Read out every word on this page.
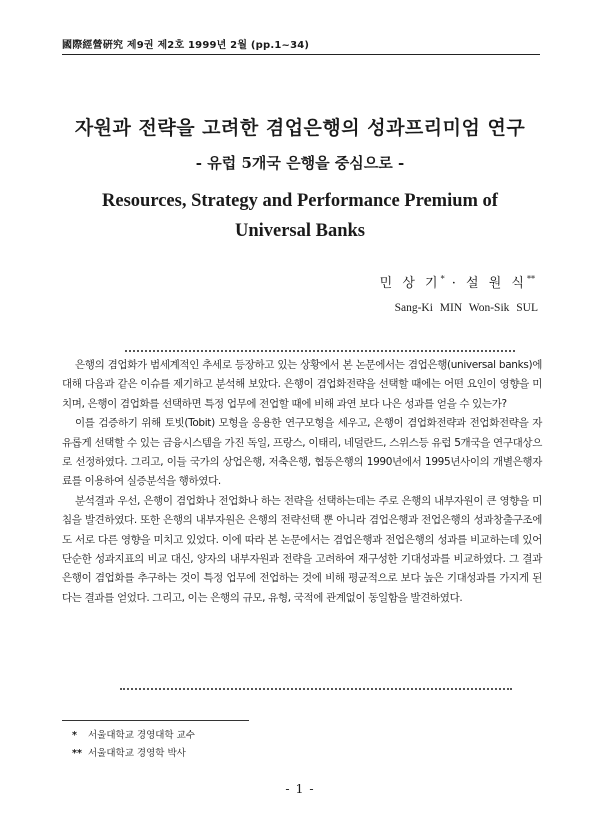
國際經營硏究 제9권 제2호 1999년 2월 (pp.1~34)
자원과 전략을 고려한 겸업은행의 성과프리미엄 연구
- 유럽 5개국 은행을 중심으로 -
Resources, Strategy and Performance Premium of
Universal Banks
민 상 기* · 설 원 식**
Sang-Ki MIN Won-Sik SUL

은행의 겸업화가 범세계적인 추세로 등장하고 있는 상황에서 본 논문에서는 겸업은행(universal banks)에 대해 다음과 같은 이슈를 제기하고 분석해 보았다. 은행이 겸업화전략을 선택할 때에는 어떤 요인이 영향을 미치며, 은행이 겸업화를 선택하면 특정 업무에 전업할 때에 비해 과연 보다 나은 성과를 얻을 수 있는가?

이를 검증하기 위해 토빗(Tobit) 모형을 응용한 연구모형을 세우고, 은행이 겸업화전략과 전업화전략을 자유롭게 선택할 수 있는 금융시스템을 가진 독일, 프랑스, 이태리, 네덜란드, 스위스등 유럽 5개국을 연구대상으로 선정하였다. 그리고, 이들 국가의 상업은행, 저축은행, 협동은행의 1990년에서 1995년사이의 개별은행자료를 이용하여 실증분석을 행하였다.

분석결과 우선, 은행이 겸업화나 전업화나 하는 전략을 선택하는데는 주로 은행의 내부자원이 큰 영향을 미침을 발견하였다. 또한 은행의 내부자원은 은행의 전략선택 뿐 아니라 겸업은행과 전업은행의 성과창출구조에도 서로 다른 영향을 미치고 있었다. 이에 따라 본 논문에서는 겸업은행과 전업은행의 성과를 비교하는데 있어 단순한 성과지표의 비교 대신, 양자의 내부자원과 전략을 고려하여 재구성한 기대성과를 비교하였다. 그 결과 은행이 겸업화를 추구하는 것이 특정 업무에 전업하는 것에 비해 평균적으로 보다 높은 기대성과를 가지게 된다는 결과를 얻었다. 그리고, 이는 은행의 규모, 유형, 국적에 관계없이 동일함을 발견하였다.

* 서울대학교 경영대학 교수
** 서울대학교 경영학 박사
- 1 -
